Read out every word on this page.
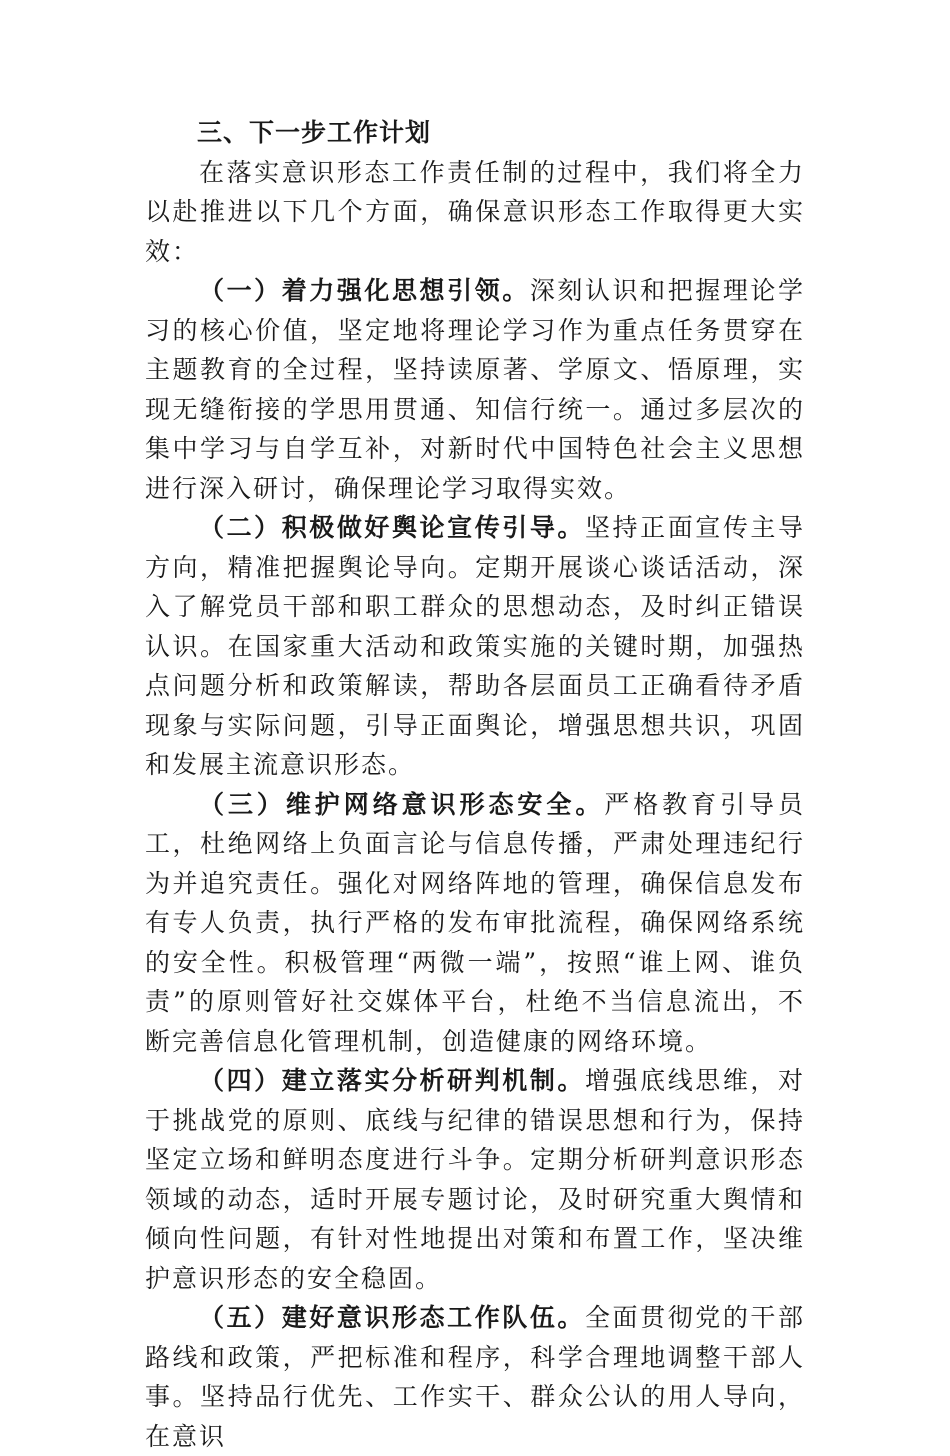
三、下一步工作计划

在落实意识形态工作责任制的过程中，我们将全力以赴推进以下几个方面，确保意识形态工作取得更大实效：

（一）着力强化思想引领。深刻认识和把握理论学习的核心价值，坚定地将理论学习作为重点任务贯穿在主题教育的全过程，坚持读原著、学原文、悟原理，实现无缝衔接的学思用贯通、知信行统一。通过多层次的集中学习与自学互补，对新时代中国特色社会主义思想进行深入研讨，确保理论学习取得实效。

（二）积极做好舆论宣传引导。坚持正面宣传主导方向，精准把握舆论导向。定期开展谈心谈话活动，深入了解党员干部和职工群众的思想动态，及时纠正错误认识。在国家重大活动和政策实施的关键时期，加强热点问题分析和政策解读，帮助各层面员工正确看待矛盾现象与实际问题，引导正面舆论，增强思想共识，巩固和发展主流意识形态。

（三）维护网络意识形态安全。严格教育引导员工，杜绝网络上负面言论与信息传播，严肃处理违纪行为并追究责任。强化对网络阵地的管理，确保信息发布有专人负责，执行严格的发布审批流程，确保网络系统的安全性。积极管理“两微一端”，按照“谁上网、谁负责”的原则管好社交媒体平台，杜绝不当信息流出，不断完善信息化管理机制，创造健康的网络环境。

（四）建立落实分析研判机制。增强底线思维，对于挑战党的原则、底线与纪律的错误思想和行为，保持坚定立场和鲜明态度进行斗争。定期分析研判意识形态领域的动态，适时开展专题讨论，及时研究重大舆情和倾向性问题，有针对性地提出对策和布置工作，坚决维护意识形态的安全稳固。

（五）建好意识形态工作队伍。全面贯彻党的干部路线和政策，严把标准和程序，科学合理地调整干部人事。坚持品行优先、工作实干、群众公认的用人导向，在意识
